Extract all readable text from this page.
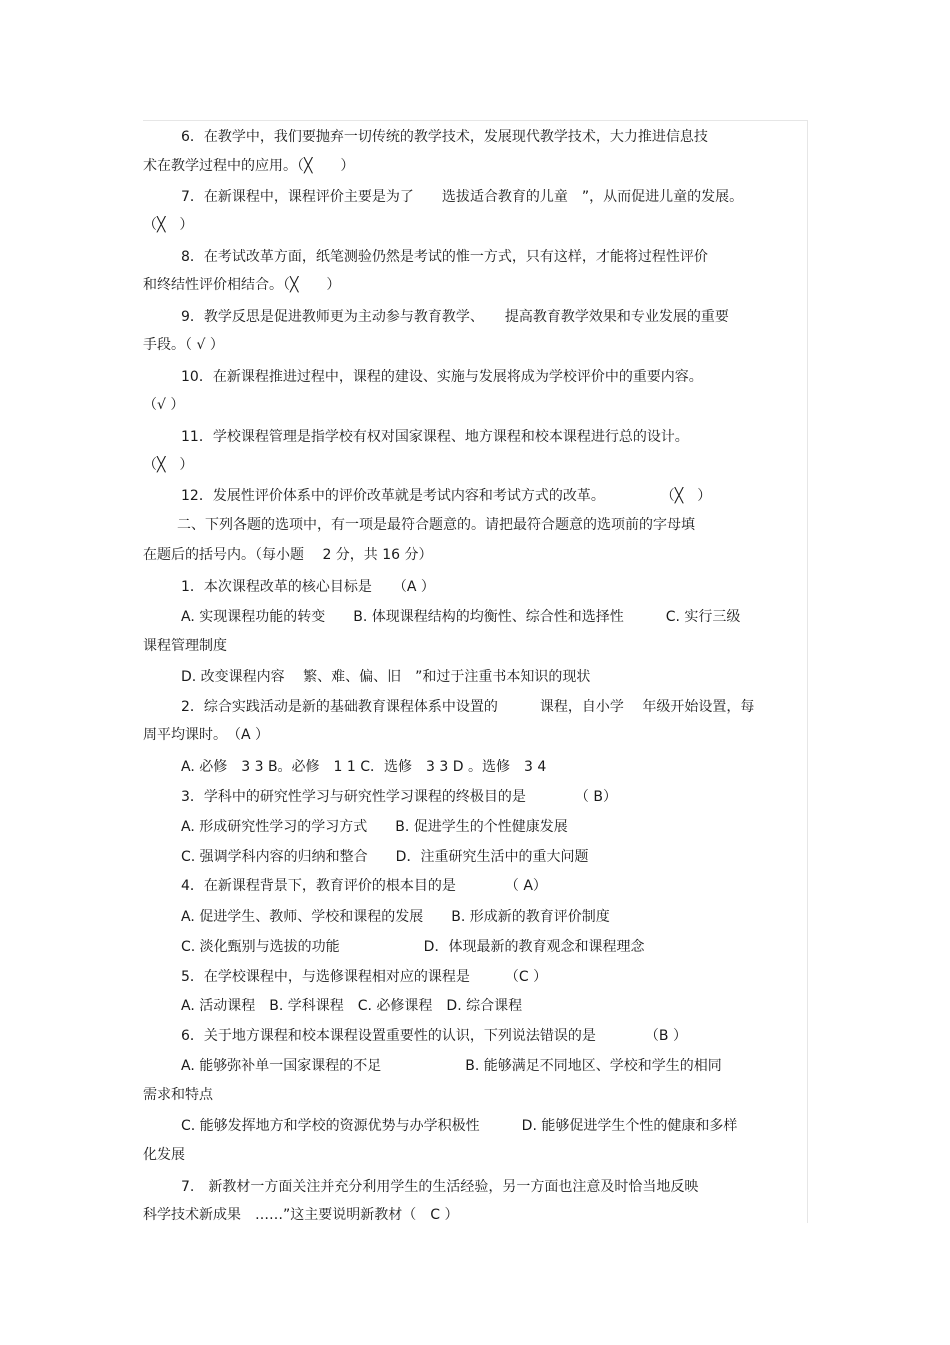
6．在教学中，我们要抛弃一切传统的教学技术，发展现代教学技术，大力推进信息技
术在教学过程中的应用。（╳　　）
7．在新课程中，课程评价主要是为了　　选拔适合教育的儿童　”，从而促进儿童的发展。
（╳　）
8．在考试改革方面，纸笔测验仍然是考试的惟一方式，只有这样，才能将过程性评价
和终结性评价相结合。（╳　　）
9．教学反思是促进教师更为主动参与教育教学、　　提高教育教学效果和专业发展的重要
手段。（ √ ）
10．在新课程推进过程中，课程的建设、实施与发展将成为学校评价中的重要内容。
（√ ）
11．学校课程管理是指学校有权对国家课程、地方课程和校本课程进行总的设计。
（╳　）
12．发展性评价体系中的评价改革就是考试内容和考试方式的改革。　　　　　（╳　）
二、下列各题的选项中，有一项是最符合题意的。请把最符合题意的选项前的字母填
在题后的括号内。（每小题　 2 分，共 16 分）
1．本次课程改革的核心目标是　　（A ）
A. 实现课程功能的转变　　B. 体现课程结构的均衡性、综合性和选择性　　　C. 实行三级
课程管理制度
D. 改变课程内容　 繁、难、偏、旧　”和过于注重书本知识的现状
2．综合实践活动是新的基础教育课程体系中设置的　　　课程，自小学　 年级开始设置，每
周平均课时。　（A ）
A. 必修　3 3 B。必修　1 1 C．选修　3 3 D 。选修　3 4
3．学科中的研究性学习与研究性学习课程的终极目的是　　　　（ B）
A. 形成研究性学习的学习方式　　B. 促进学生的个性健康发展
C. 强调学科内容的归纳和整合　　D．注重研究生活中的重大问题
4．在新课程背景下，教育评价的根本目的是　　　　（ A）
A. 促进学生、教师、学校和课程的发展　　B. 形成新的教育评价制度
C. 淡化甄别与选拔的功能　　　　　　D．体现最新的教育观念和课程理念
5．在学校课程中，与选修课程相对应的课程是　　　（C ）
A. 活动课程　B. 学科课程　C. 必修课程　D. 综合课程
6．关于地方课程和校本课程设置重要性的认识，下列说法错误的是　　　　（B ）
A. 能够弥补单一国家课程的不足　　　　　　B. 能够满足不同地区、学校和学生的相同
需求和特点
C. 能够发挥地方和学校的资源优势与办学积极性　　　D. 能够促进学生个性的健康和多样
化发展
7.　新教材一方面关注并充分利用学生的生活经验，另一方面也注意及时恰当地反映
科学技术新成果　……”这主要说明新教材（　C ）
